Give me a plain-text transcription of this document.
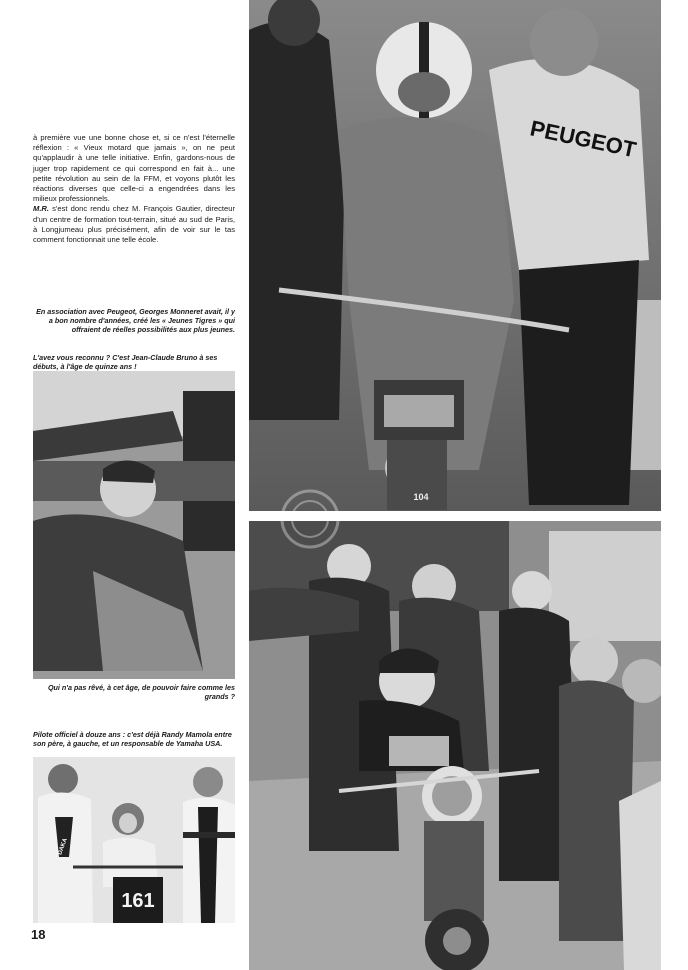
à première vue une bonne chose et, si ce n'est l'éternelle réflexion : « Vieux motard que jamais », on ne peut qu'applaudir à une telle initiative. Enfin, gardons-nous de juger trop rapidement ce qui correspond en fait à... une petite révolution au sein de la FFM, et voyons plutôt les réactions diverses que celle-ci a engendrées dans les milieux professionnels.

M.R. s'est donc rendu chez M. François Gautier, directeur d'un centre de formation tout-terrain, situé au sud de Paris, à Longjumeau plus précisément, afin de voir sur le tas comment fonctionnait une telle école.

En association avec Peugeot, Georges Monneret avait, il y a bon nombre d'années, créé les « Jeunes Tigres » qui offraient de réelles possibilités aux plus jeunes.
L'avez vous reconnu ? C'est Jean-Claude Bruno à ses débuts, à l'âge de quinze ans !
Qui n'a pas rêvé, à cet âge, de pouvoir faire comme les grands ?
Pilote officiel à douze ans : c'est déjà Randy Mamola entre son père, à gauche, et un responsable de Yamaha USA.
PEUGEOT
104
DAKA
161
18
